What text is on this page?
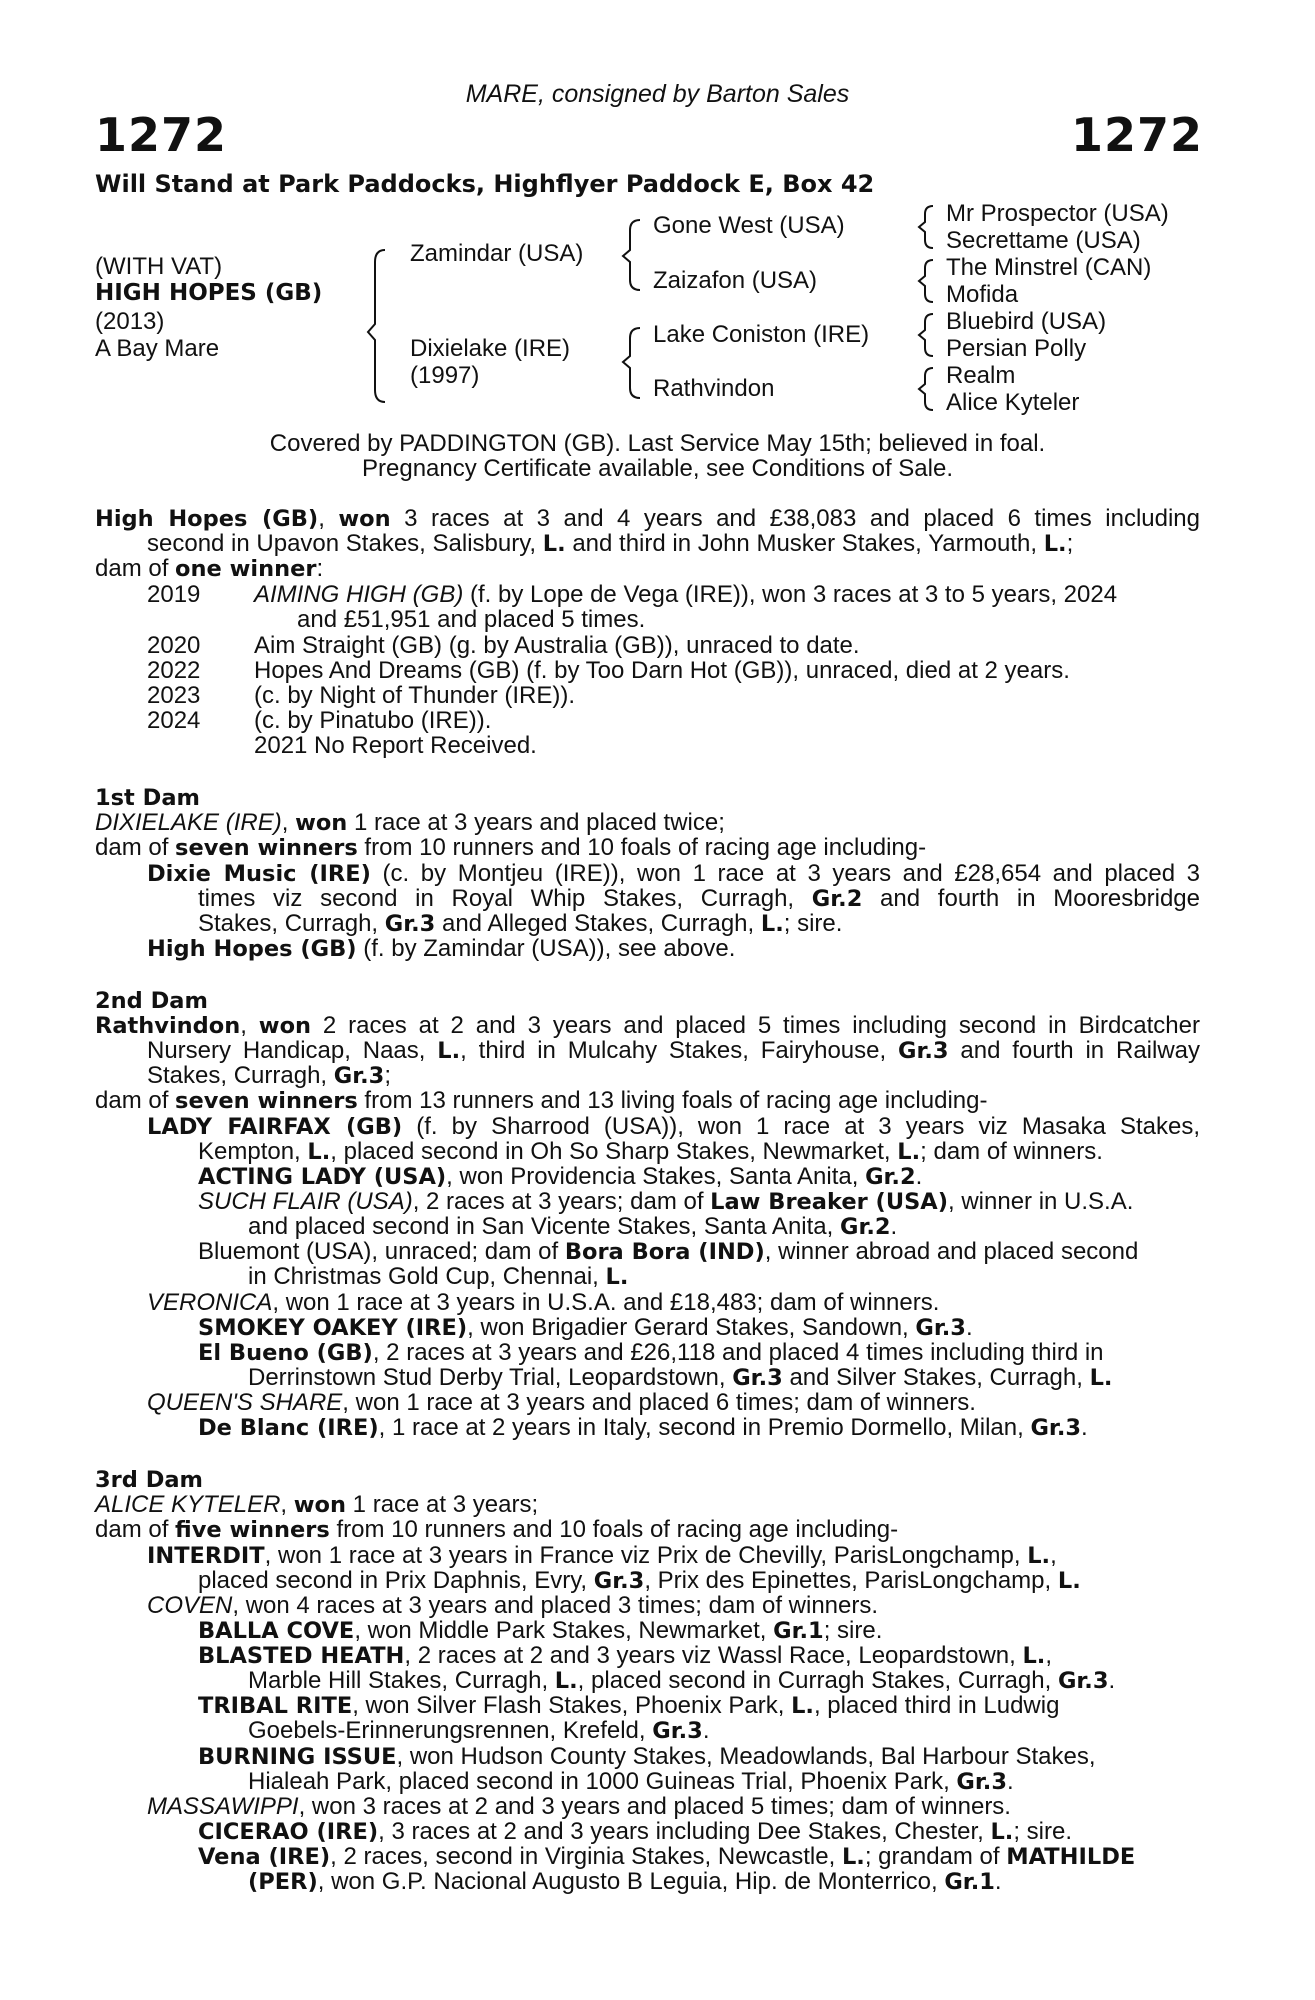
MARE, consigned by Barton Sales
1272	1272
Will Stand at Park Paddocks, Highflyer Paddock E, Box 42
(WITH VAT)
HIGH HOPES (GB)
(2013)
A Bay Mare
Zamindar (USA)
Dixielake (IRE)
(1997)
Gone West (USA)
Zaizafon (USA)
Lake Coniston (IRE)
Rathvindon
Mr Prospector (USA)
Secrettame (USA)
The Minstrel (CAN)
Mofida
Bluebird (USA)
Persian Polly
Realm
Alice Kyteler
Covered by PADDINGTON (GB). Last Service May 15th; believed in foal.
Pregnancy Certificate available, see Conditions of Sale.
High Hopes (GB), won 3 races at 3 and 4 years and £38,083 and placed 6 times including
second in Upavon Stakes, Salisbury, L. and third in John Musker Stakes, Yarmouth, L.;
dam of one winner:
2019 AIMING HIGH (GB) (f. by Lope de Vega (IRE)), won 3 races at 3 to 5 years, 2024
and £51,951 and placed 5 times.
2020 Aim Straight (GB) (g. by Australia (GB)), unraced to date.
2022 Hopes And Dreams (GB) (f. by Too Darn Hot (GB)), unraced, died at 2 years.
2023 (c. by Night of Thunder (IRE)).
2024 (c. by Pinatubo (IRE)).
2021 No Report Received.
1st Dam
DIXIELAKE (IRE), won 1 race at 3 years and placed twice;
dam of seven winners from 10 runners and 10 foals of racing age including-
Dixie Music (IRE) (c. by Montjeu (IRE)), won 1 race at 3 years and £28,654 and placed 3
times viz second in Royal Whip Stakes, Curragh, Gr.2 and fourth in Mooresbridge
Stakes, Curragh, Gr.3 and Alleged Stakes, Curragh, L.; sire.
High Hopes (GB) (f. by Zamindar (USA)), see above.
2nd Dam
Rathvindon, won 2 races at 2 and 3 years and placed 5 times including second in Birdcatcher
Nursery Handicap, Naas, L., third in Mulcahy Stakes, Fairyhouse, Gr.3 and fourth in Railway
Stakes, Curragh, Gr.3;
dam of seven winners from 13 runners and 13 living foals of racing age including-
LADY FAIRFAX (GB) (f. by Sharrood (USA)), won 1 race at 3 years viz Masaka Stakes,
Kempton, L., placed second in Oh So Sharp Stakes, Newmarket, L.; dam of winners.
ACTING LADY (USA), won Providencia Stakes, Santa Anita, Gr.2.
SUCH FLAIR (USA), 2 races at 3 years; dam of Law Breaker (USA), winner in U.S.A.
and placed second in San Vicente Stakes, Santa Anita, Gr.2.
Bluemont (USA), unraced; dam of Bora Bora (IND), winner abroad and placed second
in Christmas Gold Cup, Chennai, L.
VERONICA, won 1 race at 3 years in U.S.A. and £18,483; dam of winners.
SMOKEY OAKEY (IRE), won Brigadier Gerard Stakes, Sandown, Gr.3.
El Bueno (GB), 2 races at 3 years and £26,118 and placed 4 times including third in
Derrinstown Stud Derby Trial, Leopardstown, Gr.3 and Silver Stakes, Curragh, L.
QUEEN'S SHARE, won 1 race at 3 years and placed 6 times; dam of winners.
De Blanc (IRE), 1 race at 2 years in Italy, second in Premio Dormello, Milan, Gr.3.
3rd Dam
ALICE KYTELER, won 1 race at 3 years;
dam of five winners from 10 runners and 10 foals of racing age including-
INTERDIT, won 1 race at 3 years in France viz Prix de Chevilly, ParisLongchamp, L.,
placed second in Prix Daphnis, Evry, Gr.3, Prix des Epinettes, ParisLongchamp, L.
COVEN, won 4 races at 3 years and placed 3 times; dam of winners.
BALLA COVE, won Middle Park Stakes, Newmarket, Gr.1; sire.
BLASTED HEATH, 2 races at 2 and 3 years viz Wassl Race, Leopardstown, L.,
Marble Hill Stakes, Curragh, L., placed second in Curragh Stakes, Curragh, Gr.3.
TRIBAL RITE, won Silver Flash Stakes, Phoenix Park, L., placed third in Ludwig
Goebels-Erinnerungsrennen, Krefeld, Gr.3.
BURNING ISSUE, won Hudson County Stakes, Meadowlands, Bal Harbour Stakes,
Hialeah Park, placed second in 1000 Guineas Trial, Phoenix Park, Gr.3.
MASSAWIPPI, won 3 races at 2 and 3 years and placed 5 times; dam of winners.
CICERAO (IRE), 3 races at 2 and 3 years including Dee Stakes, Chester, L.; sire.
Vena (IRE), 2 races, second in Virginia Stakes, Newcastle, L.; grandam of MATHILDE
(PER), won G.P. Nacional Augusto B Leguia, Hip. de Monterrico, Gr.1.
